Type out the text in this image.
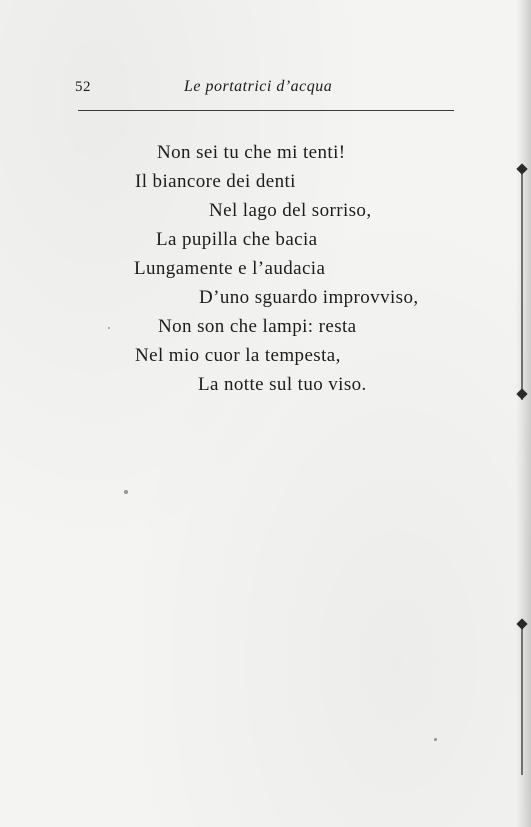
52	Le portatrici d’acqua
Non sei tu che mi tenti!
Il biancore dei denti
Nel lago del sorriso,
La pupilla che bacia
Lungamente e l’audacia
D’uno sguardo improvviso,
Non son che lampi: resta
Nel mio cuor la tempesta,
La notte sul tuo viso.
